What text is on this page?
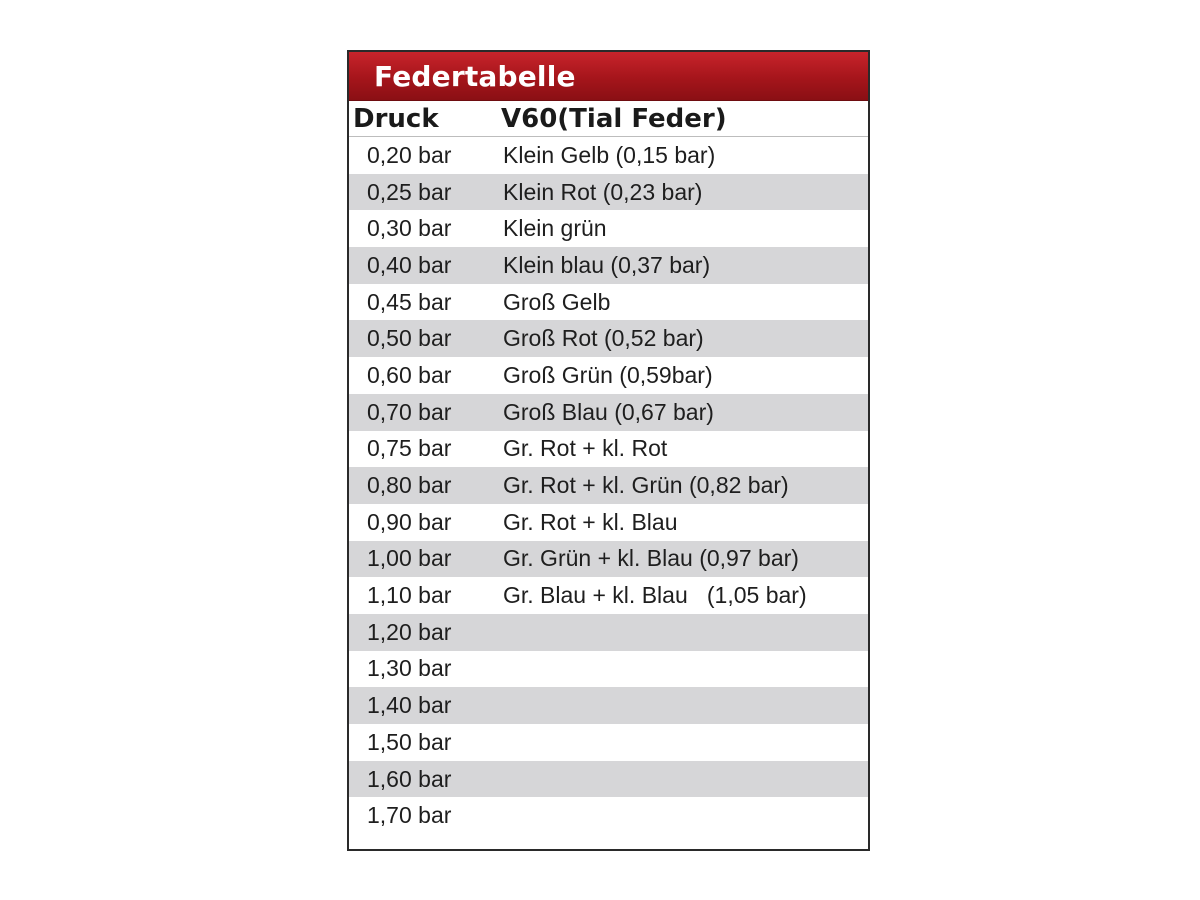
Federtabelle
Druck	V60(Tial Feder)
0,20 bar	Klein Gelb (0,15 bar)
0,25 bar	Klein Rot (0,23 bar)
0,30 bar	Klein grün
0,40 bar	Klein blau (0,37 bar)
0,45 bar	Groß Gelb
0,50 bar	Groß Rot (0,52 bar)
0,60 bar	Groß Grün (0,59bar)
0,70 bar	Groß Blau (0,67 bar)
0,75 bar	Gr. Rot + kl. Rot
0,80 bar	Gr. Rot + kl. Grün (0,82 bar)
0,90 bar	Gr. Rot + kl. Blau
1,00 bar	Gr. Grün + kl. Blau (0,97 bar)
1,10 bar	Gr. Blau + kl. Blau   (1,05 bar)
1,20 bar
1,30 bar
1,40 bar
1,50 bar
1,60 bar
1,70 bar
